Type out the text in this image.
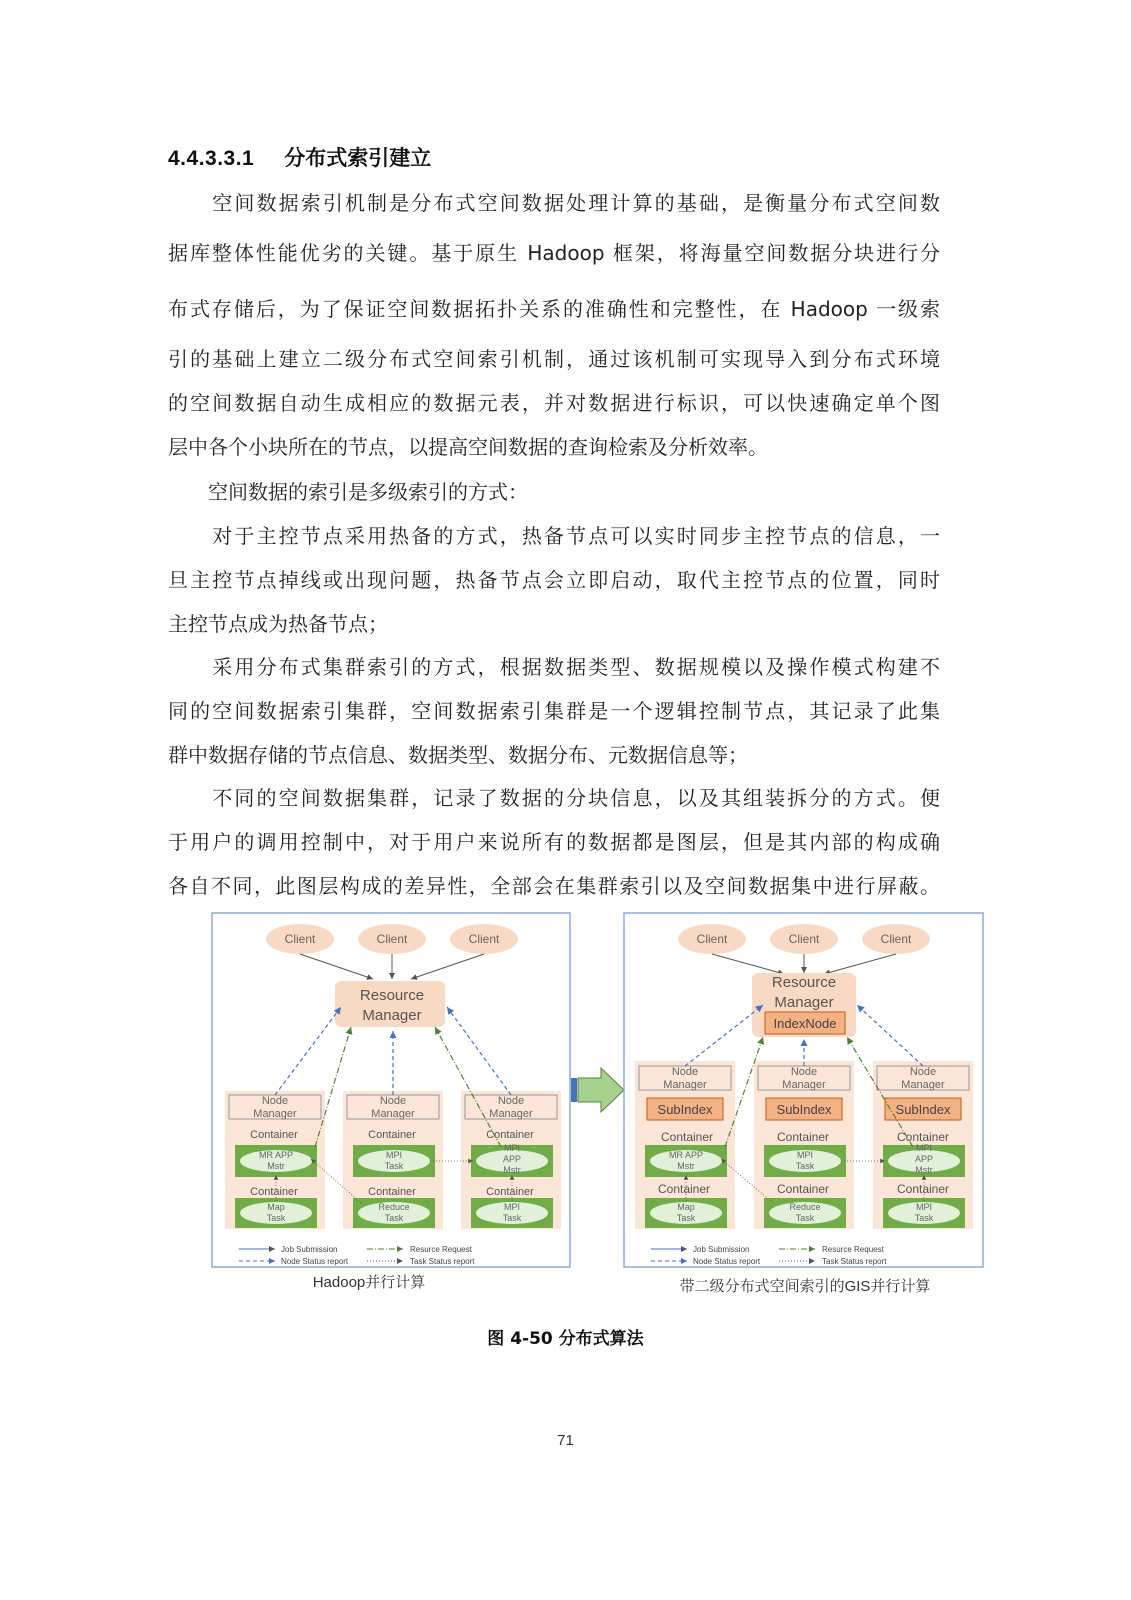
4.4.3.3.1 分布式索引建立
　　空间数据索引机制是分布式空间数据处理计算的基础，是衡量分布式空间数
据库整体性能优劣的关键。基于原生 Hadoop 框架，将海量空间数据分块进行分
布式存储后，为了保证空间数据拓扑关系的准确性和完整性，在 Hadoop 一级索
引的基础上建立二级分布式空间索引机制，通过该机制可实现导入到分布式环境
的空间数据自动生成相应的数据元表，并对数据进行标识，可以快速确定单个图
层中各个小块所在的节点，以提高空间数据的查询检索及分析效率。
　　空间数据的索引是多级索引的方式：
　　对于主控节点采用热备的方式，热备节点可以实时同步主控节点的信息，一
旦主控节点掉线或出现问题，热备节点会立即启动，取代主控节点的位置，同时
主控节点成为热备节点；
　　采用分布式集群索引的方式，根据数据类型、数据规模以及操作模式构建不
同的空间数据索引集群，空间数据索引集群是一个逻辑控制节点，其记录了此集
群中数据存储的节点信息、数据类型、数据分布、元数据信息等；
　　不同的空间数据集群，记录了数据的分块信息，以及其组装拆分的方式。便
于用户的调用控制中，对于用户来说所有的数据都是图层，但是其内部的构成确
各自不同，此图层构成的差异性，全部会在集群索引以及空间数据集中进行屏蔽。
Client	Client	Client
Resource
Manager
Node
Manager
Node
Manager
Node
Manager
Container	Container	Container
MR APP
Mstr
MPI
Task
MPI
APP
Mstr
Container	Container	Container
Map
Task
Reduce
Task
MPI
Task
Job Submission
Node Status report
Resurce Request
Task Status report
Hadoop并行计算
Client	Client	Client
Resource
Manager
IndexNode
Node
Manager
Node
Manager
Node
Manager
SubIndex	SubIndex	SubIndex
Container	Container	Container
MR APP
Mstr
MPI
Task
MPI
APP
Mstr
Container	Container	Container
Map
Task
Reduce
Task
MPI
Task
Job Submission
Node Status report
Resurce Request
Task Status report
带二级分布式空间索引的GIS并行计算
图 4-50 分布式算法
71
